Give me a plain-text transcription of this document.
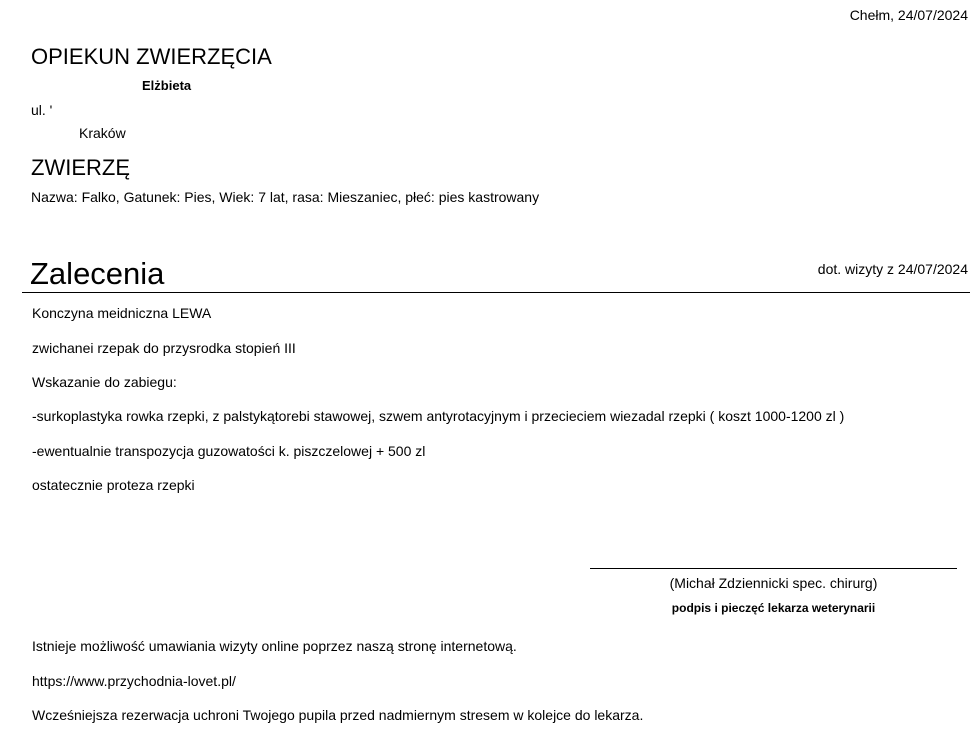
Chełm, 24/07/2024
OPIEKUN ZWIERZĘCIA
Elżbieta
ul. '
Kraków
ZWIERZĘ
Nazwa: Falko, Gatunek: Pies, Wiek: 7 lat, rasa: Mieszaniec, płeć: pies kastrowany
Zalecenia	dot. wizyty z 24/07/2024
Konczyna meidniczna LEWA
zwichanei rzepak do przysrodka stopień III
Wskazanie do zabiegu:
-surkoplastyka rowka rzepki, z palstykątorebi stawowej, szwem antyrotacyjnym i przecieciem wiezadal rzepki ( koszt 1000-1200 zl )
-ewentualnie transpozycja guzowatości k. piszczelowej + 500 zl
ostatecznie proteza rzepki
(Michał Zdziennicki spec. chirurg)
podpis i pieczęć lekarza weterynarii
Istnieje możliwość umawiania wizyty online poprzez naszą stronę internetową.
https://www.przychodnia-lovet.pl/
Wcześniejsza rezerwacja uchroni Twojego pupila przed nadmiernym stresem w kolejce do lekarza.
